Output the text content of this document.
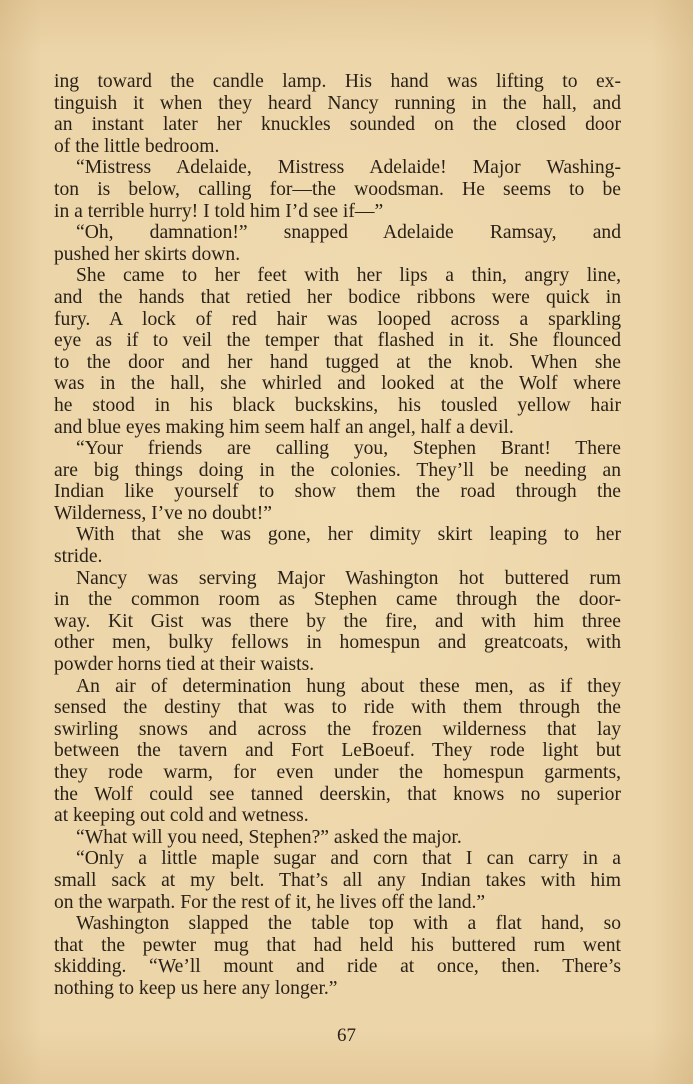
ing toward the candle lamp. His hand was lifting to ex-
tinguish it when they heard Nancy running in the hall, and
an instant later her knuckles sounded on the closed door
of the little bedroom.
“Mistress Adelaide, Mistress Adelaide! Major Washing-
ton is below, calling for—the woodsman. He seems to be
in a terrible hurry! I told him I’d see if—”
“Oh, damnation!” snapped Adelaide Ramsay, and
pushed her skirts down.
She came to her feet with her lips a thin, angry line,
and the hands that retied her bodice ribbons were quick in
fury. A lock of red hair was looped across a sparkling
eye as if to veil the temper that flashed in it. She flounced
to the door and her hand tugged at the knob. When she
was in the hall, she whirled and looked at the Wolf where
he stood in his black buckskins, his tousled yellow hair
and blue eyes making him seem half an angel, half a devil.
“Your friends are calling you, Stephen Brant! There
are big things doing in the colonies. They’ll be needing an
Indian like yourself to show them the road through the
Wilderness, I’ve no doubt!”
With that she was gone, her dimity skirt leaping to her
stride.
Nancy was serving Major Washington hot buttered rum
in the common room as Stephen came through the door-
way. Kit Gist was there by the fire, and with him three
other men, bulky fellows in homespun and greatcoats, with
powder horns tied at their waists.
An air of determination hung about these men, as if they
sensed the destiny that was to ride with them through the
swirling snows and across the frozen wilderness that lay
between the tavern and Fort LeBoeuf. They rode light but
they rode warm, for even under the homespun garments,
the Wolf could see tanned deerskin, that knows no superior
at keeping out cold and wetness.
“What will you need, Stephen?” asked the major.
“Only a little maple sugar and corn that I can carry in a
small sack at my belt. That’s all any Indian takes with him
on the warpath. For the rest of it, he lives off the land.”
Washington slapped the table top with a flat hand, so
that the pewter mug that had held his buttered rum went
skidding. “We’ll mount and ride at once, then. There’s
nothing to keep us here any longer.”
67
